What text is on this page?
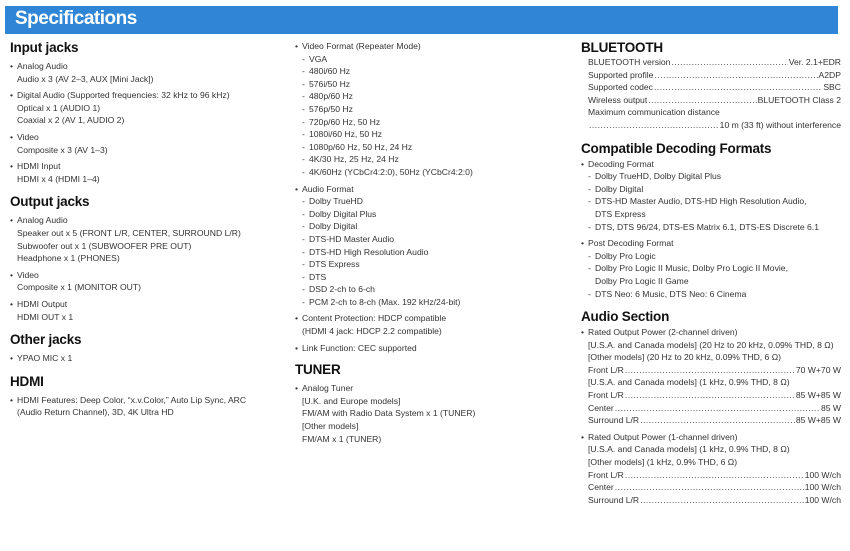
Specifications
Input jacks
• Analog Audio
Audio x 3 (AV 2–3, AUX [Mini Jack])
• Digital Audio (Supported frequencies: 32 kHz to 96 kHz)
Optical x 1 (AUDIO 1)
Coaxial x 2 (AV 1, AUDIO 2)
• Video
Composite x 3 (AV 1–3)
• HDMI Input
HDMI x 4 (HDMI 1–4)
Output jacks
• Analog Audio
Speaker out x 5 (FRONT L/R, CENTER, SURROUND L/R)
Subwoofer out x 1 (SUBWOOFER PRE OUT)
Headphone x 1 (PHONES)
• Video
Composite x 1 (MONITOR OUT)
• HDMI Output
HDMI OUT x 1
Other jacks
• YPAO MIC x 1
HDMI
• HDMI Features: Deep Color, “x.v.Color,” Auto Lip Sync, ARC
(Audio Return Channel), 3D, 4K Ultra HD
• Video Format (Repeater Mode)
- VGA
- 480i/60 Hz
- 576i/50 Hz
- 480p/60 Hz
- 576p/50 Hz
- 720p/60 Hz, 50 Hz
- 1080i/60 Hz, 50 Hz
- 1080p/60 Hz, 50 Hz, 24 Hz
- 4K/30 Hz, 25 Hz, 24 Hz
- 4K/60Hz (YCbCr4:2:0), 50Hz (YCbCr4:2:0)
• Audio Format
- Dolby TrueHD
- Dolby Digital Plus
- Dolby Digital
- DTS-HD Master Audio
- DTS-HD High Resolution Audio
- DTS Express
- DTS
- DSD 2-ch to 6-ch
- PCM 2-ch to 8-ch (Max. 192 kHz/24-bit)
• Content Protection: HDCP compatible
(HDMI 4 jack: HDCP 2.2 compatible)
• Link Function: CEC supported
TUNER
• Analog Tuner
[U.K. and Europe models]
FM/AM with Radio Data System x 1 (TUNER)
[Other models]
FM/AM x 1 (TUNER)
BLUETOOTH
BLUETOOTH version .....	Ver. 2.1+EDR
Supported profile .....	A2DP
Supported codec .....	SBC
Wireless output .....	BLUETOOTH Class 2
Maximum communication distance
.....
10 m (33 ft) without interference
Compatible Decoding Formats
• Decoding Format
- Dolby TrueHD, Dolby Digital Plus
- Dolby Digital
- DTS-HD Master Audio, DTS-HD High Resolution Audio,
DTS Express
- DTS, DTS 96/24, DTS-ES Matrix 6.1, DTS-ES Discrete 6.1
• Post Decoding Format
- Dolby Pro Logic
- Dolby Pro Logic II Music, Dolby Pro Logic II Movie,
Dolby Pro Logic II Game
- DTS Neo: 6 Music, DTS Neo: 6 Cinema
Audio Section
• Rated Output Power (2-channel driven)
[U.S.A. and Canada models] (20 Hz to 20 kHz, 0.09% THD, 8 Ω)
[Other models] (20 Hz to 20 kHz, 0.09% THD, 6 Ω)
Front L/R .....	70 W+70 W
[U.S.A. and Canada models] (1 kHz, 0.9% THD, 8 Ω)
Front L/R .....	85 W+85 W
Center .....	85 W
Surround L/R .....	85 W+85 W
• Rated Output Power (1-channel driven)
[U.S.A. and Canada models] (1 kHz, 0.9% THD, 8 Ω)
[Other models] (1 kHz, 0.9% THD, 6 Ω)
Front L/R .....	100 W/ch
Center .....	100 W/ch
Surround L/R .....	100 W/ch
